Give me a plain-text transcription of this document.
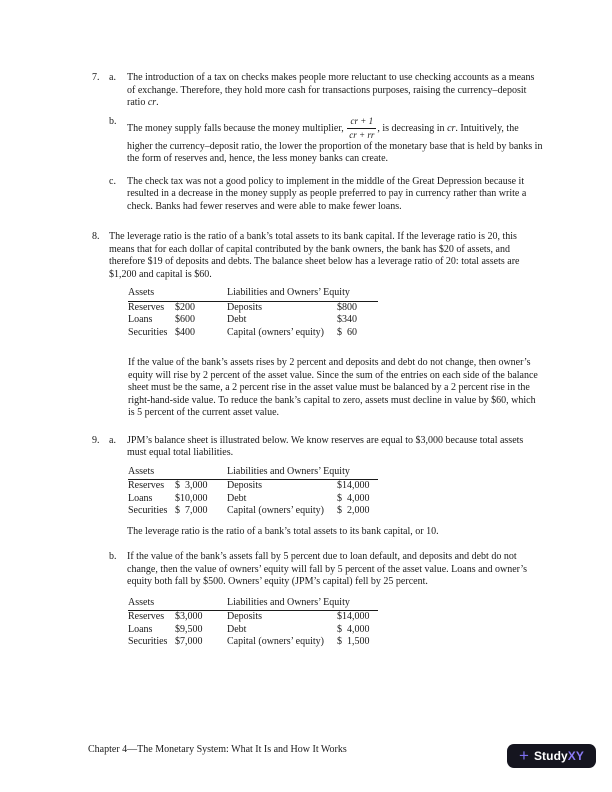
7. a.	The introduction of a tax on checks makes people more reluctant to use checking accounts as a means of exchange. Therefore, they hold more cash for transactions purposes, raising the currency–deposit ratio cr.
b.
The money supply falls because the money multiplier, $\frac{cr + 1}{cr + rr}$ , is decreasing in cr. Intuitively, the higher the currency–deposit ratio, the lower the proportion of the monetary base that is held by banks in the form of reserves and, hence, the less money banks can create.
c.	The check tax was not a good policy to implement in the middle of the Great Depression because it resulted in a decrease in the money supply as people preferred to pay in currency rather than write a check. Banks had fewer reserves and were able to make fewer loans.
8. The leverage ratio is the ratio of a bank’s total assets to its bank capital. If the leverage ratio is 20, this means that for each dollar of capital contributed by the bank owners, the bank has $20 of assets, and therefore $19 of deposits and debts. The balance sheet below has a leverage ratio of 20: total assets are $1,200 and capital is $60.
Assets		Liabilities and Owners’ Equity	
Reserves	$200	Deposits	$800
Loans	$600	Debt	$340
Securities	$400	Capital (owners’ equity)	$  60
If the value of the bank’s assets rises by 2 percent and deposits and debt do not change, then owner’s equity will rise by 2 percent of the asset value. Since the sum of the entries on each side of the balance sheet must be the same, a 2 percent rise in the asset value must be balanced by a 2 percent rise in the right-hand-side value. To reduce the bank’s capital to zero, assets must decline in value by $60, which is 5 percent of the current asset value.
9. a.	JPM’s balance sheet is illustrated below. We know reserves are equal to $3,000 because total assets must equal total liabilities.
Assets		Liabilities and Owners’ Equity	
Reserves	$  3,000	Deposits	$14,000
Loans	$10,000	Debt	$  4,000
Securities	$  7,000	Capital (owners’ equity)	$  2,000
The leverage ratio is the ratio of a bank’s total assets to its bank capital, or 10.
b.	If the value of the bank’s assets fall by 5 percent due to loan default, and deposits and debt do not change, then the value of owners’ equity will fall by 5 percent of the asset value. Loans and owner’s equity both fall by $500. Owners’ equity (JPM’s capital) fell by 25 percent.
Assets		Liabilities and Owners’ Equity	
Reserves	$3,000	Deposits	$14,000
Loans	$9,500	Debt	$  4,000
Securities	$7,000	Capital (owners’ equity)	$  1,500
Chapter 4—The Monetary System: What It Is and How It Works	+ StudyXY
